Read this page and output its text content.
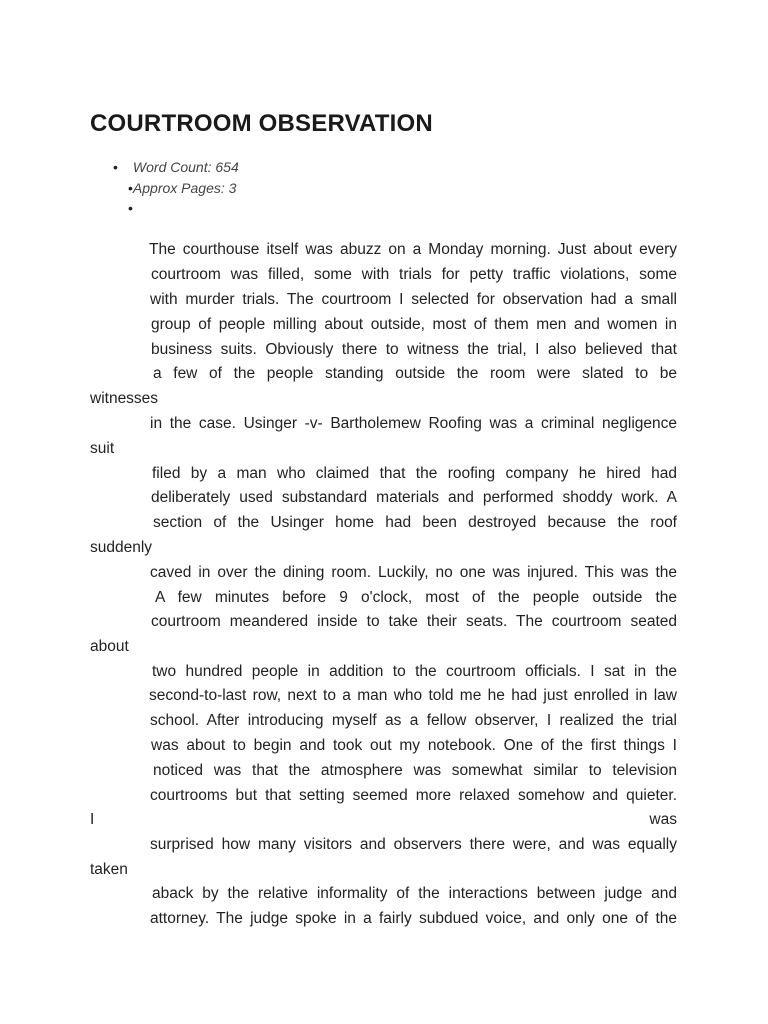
COURTROOM OBSERVATION
• Word Count: 654
•Approx Pages: 3
•
The courthouse itself was abuzz on a Monday morning. Just about every
courtroom was filled, some with trials for petty traffic violations, some
with murder trials. The courtroom I selected for observation had a small
group of people milling about outside, most of them men and women in
business suits. Obviously there to witness the trial, I also believed that
a few of the people standing outside the room were slated to be
witnesses
in the case. Usinger -v- Bartholemew Roofing was a criminal negligence
suit
filed by a man who claimed that the roofing company he hired had
deliberately used substandard materials and performed shoddy work. A
section of the Usinger home had been destroyed because the roof
suddenly
caved in over the dining room. Luckily, no one was injured. This was the
A few minutes before 9 o'clock, most of the people outside the
courtroom meandered inside to take their seats. The courtroom seated
about
two hundred people in addition to the courtroom officials. I sat in the
second-to-last row, next to a man who told me he had just enrolled in law
school. After introducing myself as a fellow observer, I realized the trial
was about to begin and took out my notebook. One of the first things I
noticed was that the atmosphere was somewhat similar to television
courtrooms but that setting seemed more relaxed somehow and quieter.
I was
surprised how many visitors and observers there were, and was equally
taken
aback by the relative informality of the interactions between judge and
attorney. The judge spoke in a fairly subdued voice, and only one of the
